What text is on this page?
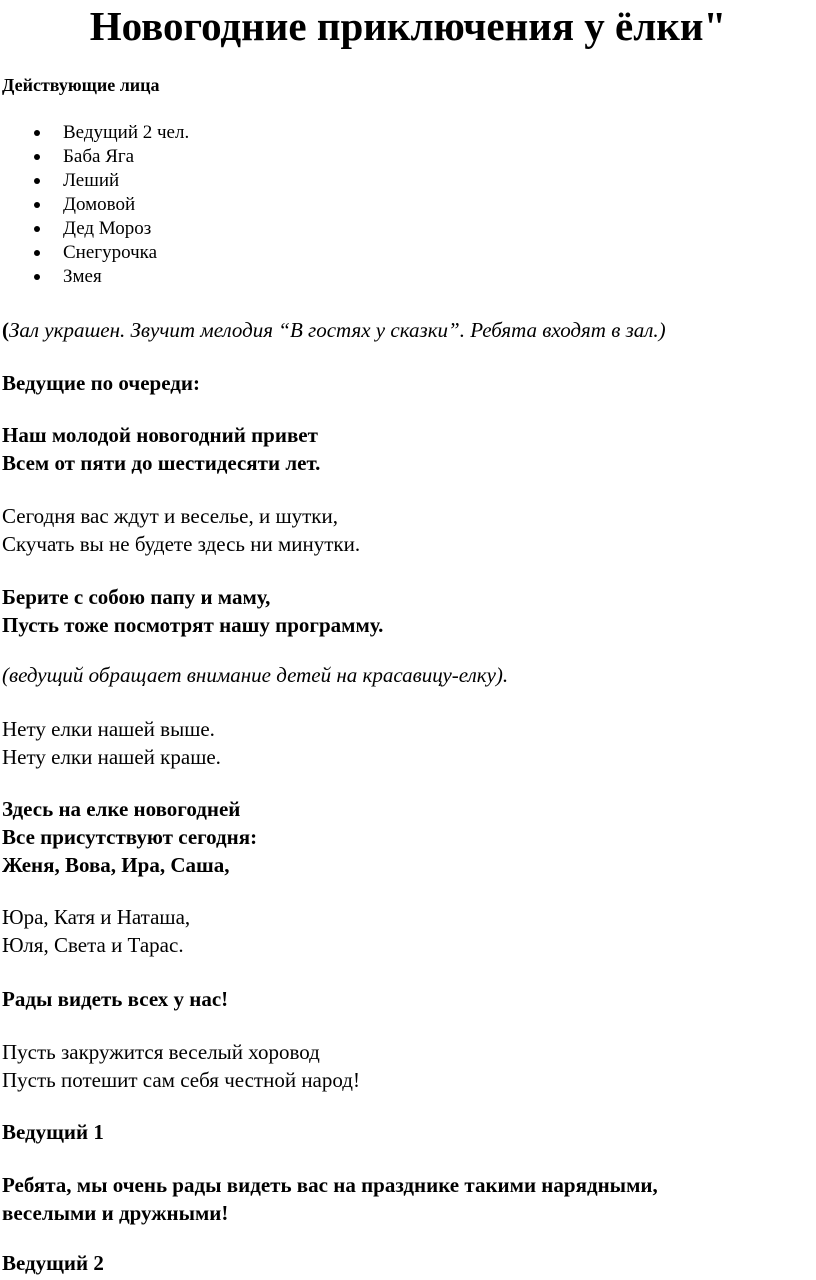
Новогодние приключения у ёлки"
Действующие лица
Ведущий 2 чел.
Баба Яга
Леший
Домовой
Дед Мороз
Снегурочка
Змея
(Зал украшен. Звучит мелодия “В гостях у сказки”. Ребята входят в зал.)
Ведущие по очереди:
Наш молодой новогодний привет
Всем от пяти до шестидесяти лет.
Сегодня вас ждут и веселье, и шутки,
Скучать вы не будете здесь ни минутки.
Берите с собою папу и маму,
Пусть тоже посмотрят нашу программу.
(ведущий обращает внимание детей на красавицу-елку).
Нету елки нашей выше.
Нету елки нашей краше.
Здесь на елке новогодней
Все присутствуют сегодня:
Женя, Вова, Ира, Саша,
Юра, Катя и Наташа,
Юля, Света и Тарас.
Рады видеть всех у нас!
Пусть закружится веселый хоровод
Пусть потешит сам себя честной народ!
Ведущий 1
Ребята, мы очень рады видеть вас на празднике такими нарядными,
веселыми и дружными!
Ведущий 2
